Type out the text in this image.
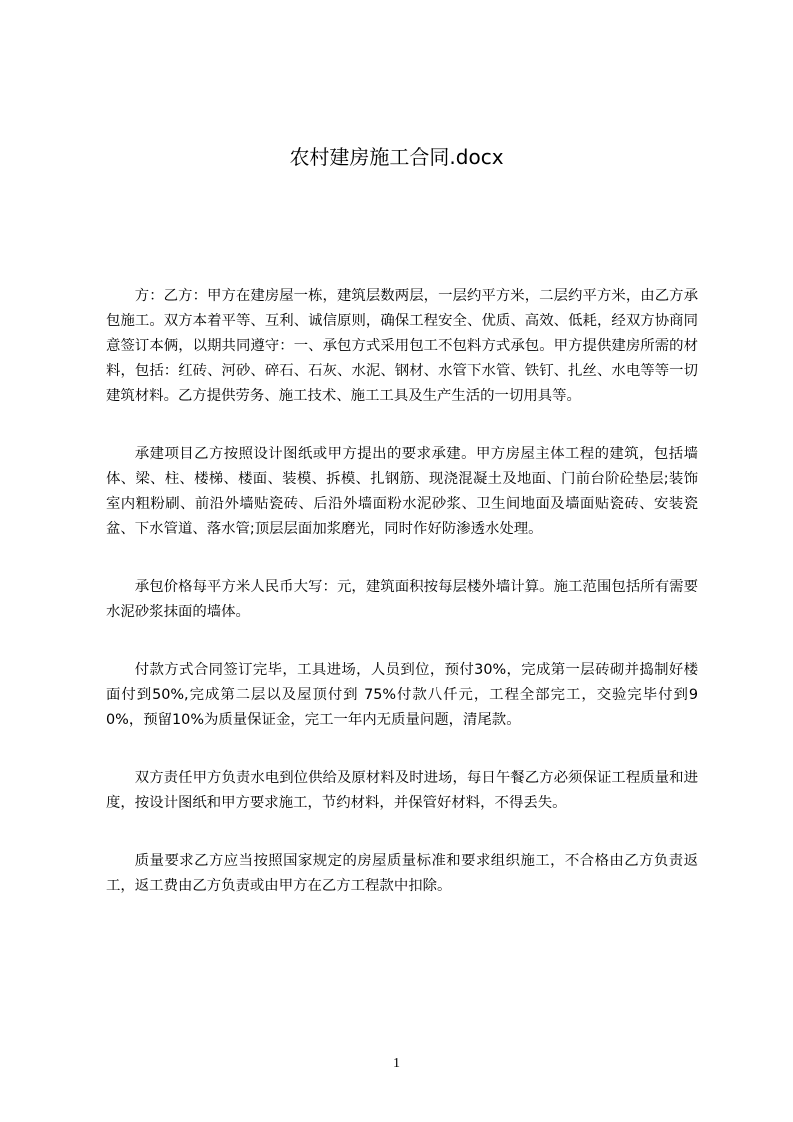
农村建房施工合同.docx

方：乙方：甲方在建房屋一栋，建筑层数两层，一层约平方米，二层约平方米，由乙方承包施工。双方本着平等、互利、诚信原则，确保工程安全、优质、高效、低耗，经双方协商同意签订本俩，以期共同遵守：一、承包方式采用包工不包料方式承包。甲方提供建房所需的材料，包括：红砖、河砂、碎石、石灰、水泥、钢材、水管下水管、铁钉、扎丝、水电等等一切建筑材料。乙方提供劳务、施工技术、施工工具及生产生活的一切用具等。

承建项目乙方按照设计图纸或甲方提出的要求承建。甲方房屋主体工程的建筑，包括墙体、梁、柱、楼梯、楼面、装模、拆模、扎钢筋、现浇混凝土及地面、门前台阶砼垫层;装饰室内粗粉刷、前沿外墙贴瓷砖、后沿外墙面粉水泥砂浆、卫生间地面及墙面贴瓷砖、安装瓷盆、下水管道、落水管;顶层层面加浆磨光，同时作好防渗透水处理。

承包价格每平方米人民币大写：元，建筑面积按每层楼外墙计算。施工范围包括所有需要水泥砂浆抹面的墙体。

付款方式合同签订完毕，工具进场，人员到位，预付30%，完成第一层砖砌并捣制好楼面付到50%,完成第二层以及屋顶付到 75%付款八仟元，工程全部完工，交验完毕付到90%，预留10%为质量保证金，完工一年内无质量问题，清尾款。

双方责任甲方负责水电到位供给及原材料及时进场，每日午餐乙方必须保证工程质量和进度，按设计图纸和甲方要求施工，节约材料，并保管好材料，不得丢失。

质量要求乙方应当按照国家规定的房屋质量标准和要求组织施工，不合格由乙方负责返工，返工费由乙方负责或由甲方在乙方工程款中扣除。

1
